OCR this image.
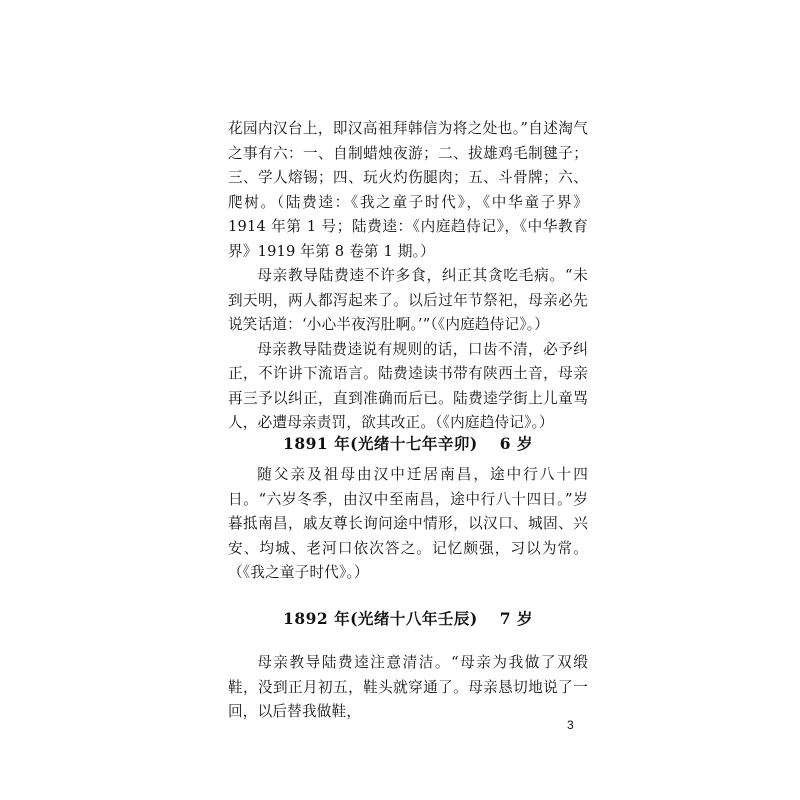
花园内汉台上，即汉高祖拜韩信为将之处也。”自述淘气之事有六：一、自制蜡烛夜游；二、拔雄鸡毛制毽子；三、学人熔锡；四、玩火灼伤腿肉；五、斗骨牌；六、爬树。（陆费逵：《我之童子时代》，《中华童子界》1914 年第 1 号；陆费逵：《内庭趋侍记》，《中华教育界》1919 年第 8 卷第 1 期。）

母亲教导陆费逵不许多食，纠正其贪吃毛病。“未到天明，两人都泻起来了。以后过年节祭祀，母亲必先说笑话道：‘小心半夜泻肚啊。’”（《内庭趋侍记》。）

母亲教导陆费逵说有规则的话，口齿不清，必予纠正，不许讲下流语言。陆费逵读书带有陕西土音，母亲再三予以纠正，直到准确而后已。陆费逵学街上儿童骂人，必遭母亲责罚，欲其改正。（《内庭趋侍记》。）

1891 年(光绪十七年辛卯) 6 岁

随父亲及祖母由汉中迁居南昌，途中行八十四日。“六岁冬季，由汉中至南昌，途中行八十四日。”岁暮抵南昌，戚友尊长询问途中情形，以汉口、城固、兴安、均城、老河口依次答之。记忆颇强，习以为常。（《我之童子时代》。）

1892 年(光绪十八年壬辰) 7 岁

母亲教导陆费逵注意清洁。“母亲为我做了双缎鞋，没到正月初五，鞋头就穿通了。母亲恳切地说了一回，以后替我做鞋，

3
